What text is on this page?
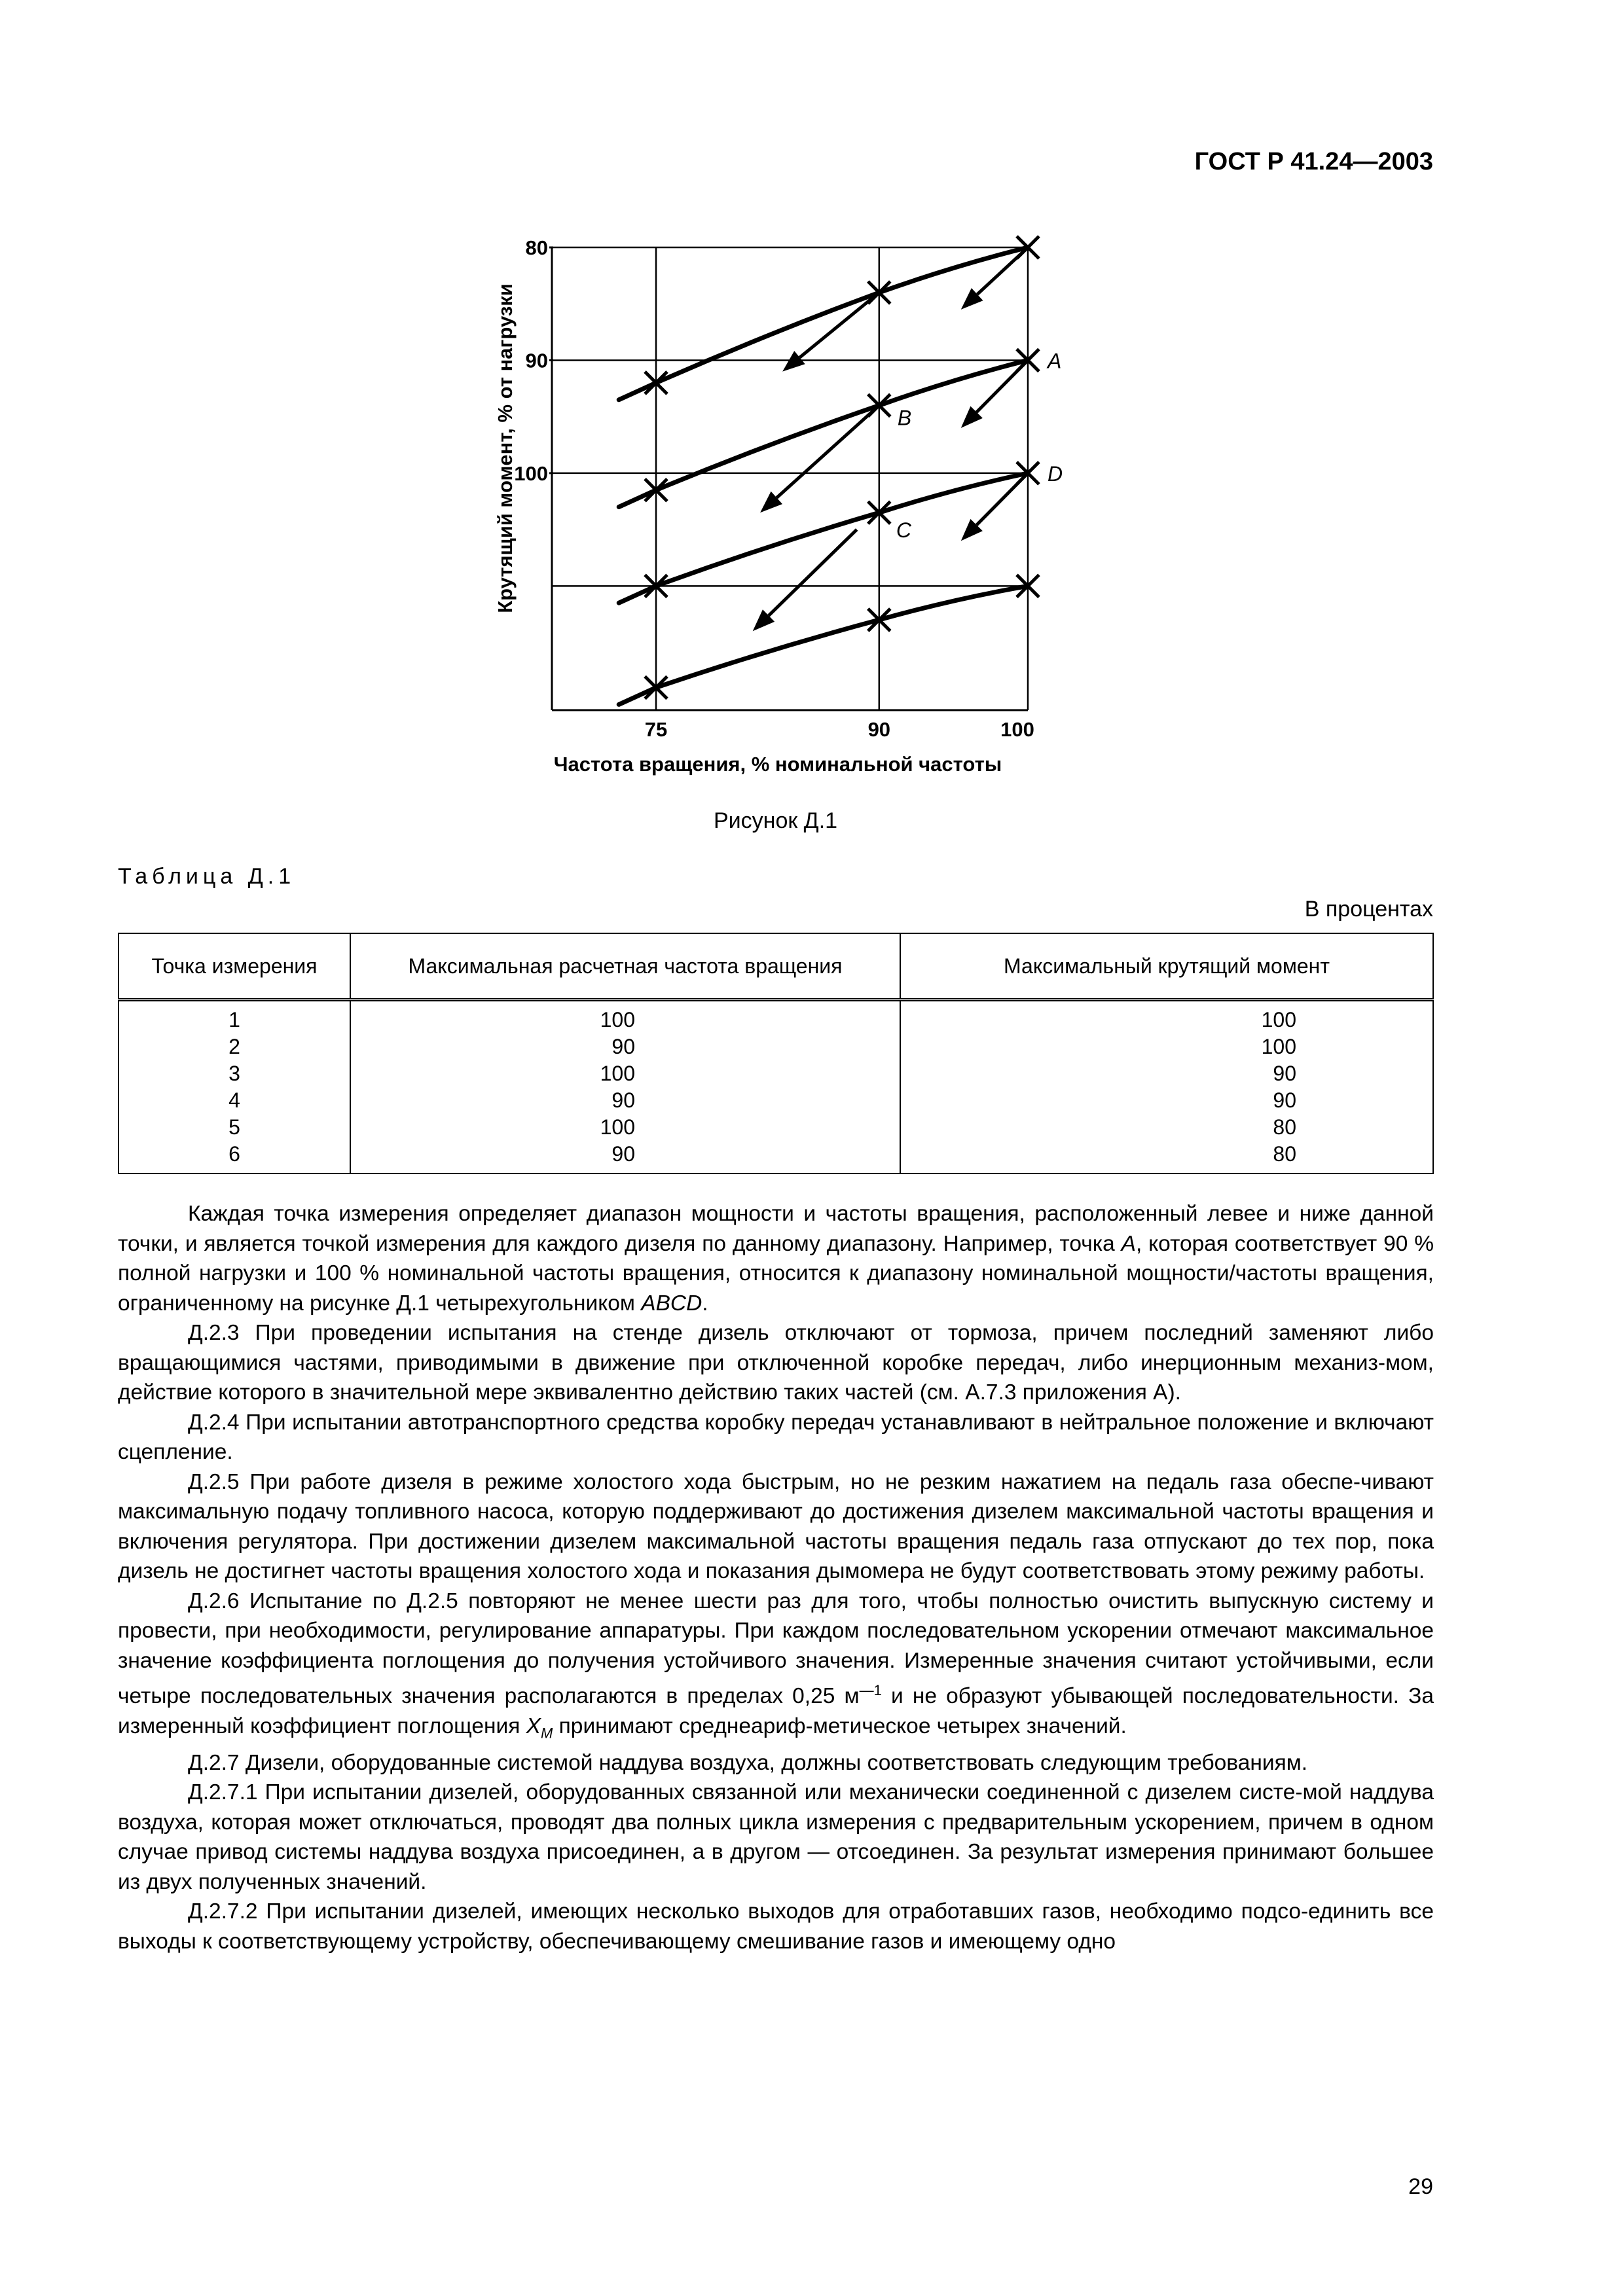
ГОСТ Р 41.24—2003
100
90
80
75	90	100
A
B
C
D
Крутящий момент, % от нагрузки
Частота вращения, % номинальной частоты
Рисунок Д.1
Таблица Д.1
В процентах
Точка измерения	Максимальная расчетная частота вращения	Максимальный крутящий момент

1	100	100

2	90	100

3	100	90

4	90	90

5	100	80

6	90	80

Каждая точка измерения определяет диапазон мощности и частоты вращения, расположенный левее и ниже данной точки, и является точкой измерения для каждого дизеля по данному диапазону. Например, точка А, которая соответствует 90 % полной нагрузки и 100 % номинальной частоты вращения, относится к диапазону номинальной мощности/частоты вращения, ограниченному на рисунке Д.1 четырехугольником ABCD.

Д.2.3 При проведении испытания на стенде дизель отключают от тормоза, причем последний заменяют либо вращающимися частями, приводимыми в движение при отключенной коробке передач, либо инерционным механиз-мом, действие которого в значительной мере эквивалентно действию таких частей (см. А.7.3 приложения А).

Д.2.4 При испытании автотранспортного средства коробку передач устанавливают в нейтральное положение и включают сцепление.

Д.2.5 При работе дизеля в режиме холостого хода быстрым, но не резким нажатием на педаль газа обеспе-чивают максимальную подачу топливного насоса, которую поддерживают до достижения дизелем максимальной частоты вращения и включения регулятора. При достижении дизелем максимальной частоты вращения педаль газа отпускают до тех пор, пока дизель не достигнет частоты вращения холостого хода и показания дымомера не будут соответствовать этому режиму работы.

Д.2.6 Испытание по Д.2.5 повторяют не менее шести раз для того, чтобы полностью очистить выпускную систему и провести, при необходимости, регулирование аппаратуры. При каждом последовательном ускорении отмечают максимальное значение коэффициента поглощения до получения устойчивого значения. Измеренные значения считают устойчивыми, если четыре последовательных значения располагаются в пределах 0,25 $м^{—1}$ и не образуют убывающей последовательности. За измеренный коэффициент поглощения $X_M$ принимают среднеариф-метическое четырех значений.

Д.2.7 Дизели, оборудованные системой наддува воздуха, должны соответствовать следующим требованиям.

Д.2.7.1 При испытании дизелей, оборудованных связанной или механически соединенной с дизелем систе-мой наддува воздуха, которая может отключаться, проводят два полных цикла измерения с предварительным ускорением, причем в одном случае привод системы наддува воздуха присоединен, а в другом — отсоединен. За результат измерения принимают большее из двух полученных значений.

Д.2.7.2 При испытании дизелей, имеющих несколько выходов для отработавших газов, необходимо подсо-единить все выходы к соответствующему устройству, обеспечивающему смешивание газов и имеющему одно

29
